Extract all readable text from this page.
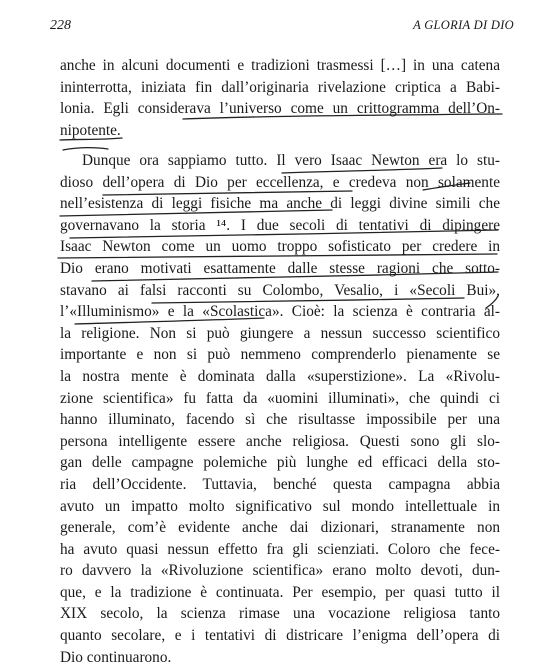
228	A GLORIA DI DIO
anche in alcuni documenti e tradizioni trasmessi […] in una catena
ininterrotta, iniziata fin dall’originaria rivelazione criptica a Babi-
lonia. Egli considerava l’universo come un crittogramma dell’On-
nipotente.
Dunque ora sappiamo tutto. Il vero Isaac Newton era lo stu-
dioso dell’opera di Dio per eccellenza, e credeva non solamente
nell’esistenza di leggi fisiche ma anche di leggi divine simili che
governavano la storia ¹⁴. I due secoli di tentativi di dipingere
Isaac Newton come un uomo troppo sofisticato per credere in
Dio erano motivati esattamente dalle stesse ragioni che sotto-
stavano ai falsi racconti su Colombo, Vesalio, i «Secoli Bui»,
l’«Illuminismo» e la «Scolastica». Cioè: la scienza è contraria al-
la religione. Non si può giungere a nessun successo scientifico
importante e non si può nemmeno comprenderlo pienamente se
la nostra mente è dominata dalla «superstizione». La «Rivolu-
zione scientifica» fu fatta da «uomini illuminati», che quindi ci
hanno illuminato, facendo sì che risultasse impossibile per una
persona intelligente essere anche religiosa. Questi sono gli slo-
gan delle campagne polemiche più lunghe ed efficaci della sto-
ria dell’Occidente. Tuttavia, benché questa campagna abbia
avuto un impatto molto significativo sul mondo intellettuale in
generale, com’è evidente anche dai dizionari, stranamente non
ha avuto quasi nessun effetto fra gli scienziati. Coloro che fece-
ro davvero la «Rivoluzione scientifica» erano molto devoti, dun-
que, e la tradizione è continuata. Per esempio, per quasi tutto il
XIX secolo, la scienza rimase una vocazione religiosa tanto
quanto secolare, e i tentativi di districare l’enigma dell’opera di
Dio continuarono.
